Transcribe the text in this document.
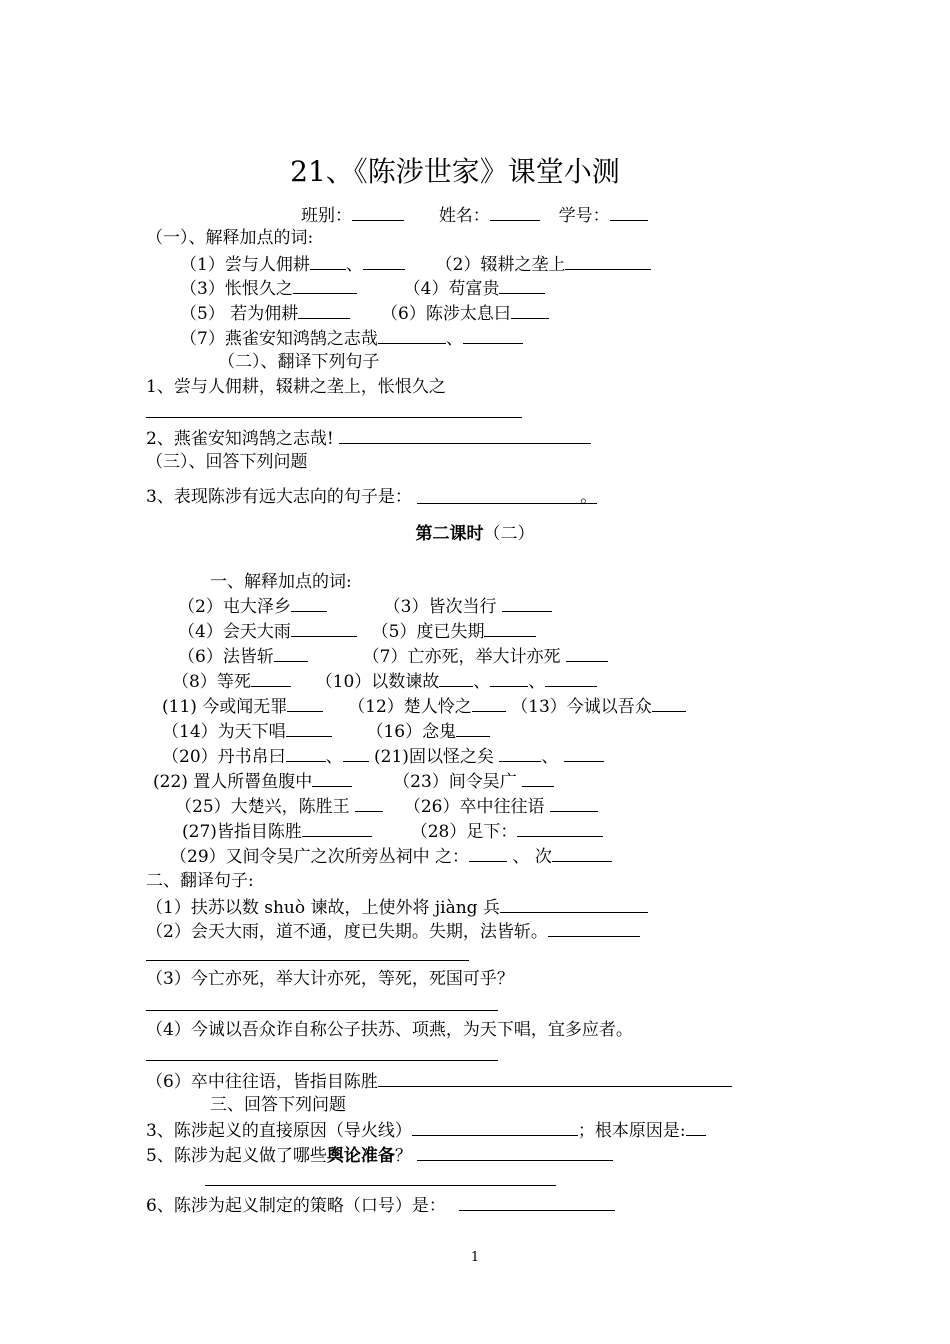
21、《陈涉世家》课堂小测
班别：	姓名：	学号：
（一）、解释加点的词:
（1）尝与人佣耕 、	（2）辍耕之垄上
（3）怅恨久之	（4）苟富贵
（5） 若为佣耕	（6）陈涉太息曰
（7）燕雀安知鸿鹄之志哉	、
（二）、翻译下列句子
1、尝与人佣耕，辍耕之垄上，怅恨久之
2、燕雀安知鸿鹄之志哉!
（三）、回答下列问题
3、表现陈涉有远大志向的句子是：	。
第二课时（二）
一、解释加点的词:
（2）屯大泽乡	（3）皆次当行
（4）会天大雨	（5）度已失期
（6）法皆斩	（7）亡亦死，举大计亦死
（8）等死	（10）以数谏故 、 、
(11) 今或闻无罪	（12）楚人怜之 （13）今诚以吾众
（14）为天下唱	（16）念鬼
（20）丹书帛曰 、 (21)固以怪之矣	、
(22) 置人所罾鱼腹中	（23）间令吴广
（25）大楚兴，陈胜王	（26）卒中往往语
(27)皆指目陈胜	（28）足下：
（29）又间令吴广之次所旁丛祠中 之：	、 次
二、翻译句子:
（1）扶苏以数 shuò 谏故，上使外将 jiàng 兵
（2）会天大雨，道不通，度已失期。失期，法皆斩。
（3）今亡亦死，举大计亦死，等死，死国可乎？
（4）今诚以吾众诈自称公子扶苏、项燕，为天下唱，宜多应者。
（6）卒中往往语，皆指目陈胜
三、回答下列问题
3、陈涉起义的直接原因（导火线）	；根本原因是:
5、陈涉为起义做了哪些舆论准备？
6、陈涉为起义制定的策略（口号）是：
1
